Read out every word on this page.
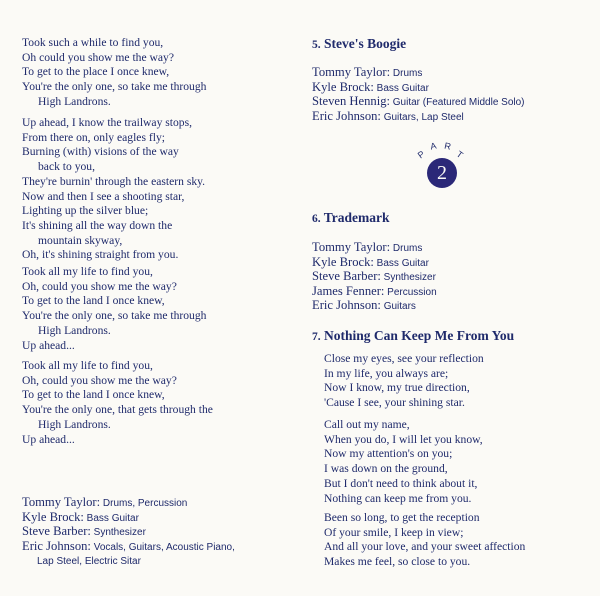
Took such a while to find you,
Oh could you show me the way?
To get to the place I once knew,
You're the only one, so take me through
High Landrons.
Up ahead, I know the trailway stops,
From there on, only eagles fly;
Burning (with) visions of the way
back to you,
They're burnin' through the eastern sky.
Now and then I see a shooting star,
Lighting up the silver blue;
It's shining all the way down the
mountain skyway,
Oh, it's shining straight from you.
Took all my life to find you,
Oh, could you show me the way?
To get to the land I once knew,
You're the only one, so take me through
High Landrons.
Up ahead...
Took all my life to find you,
Oh, could you show me the way?
To get to the land I once knew,
You're the only one, that gets through the
High Landrons.
Up ahead...
Tommy Taylor: Drums, Percussion
Kyle Brock: Bass Guitar
Steve Barber: Synthesizer
Eric Johnson: Vocals, Guitars, Acoustic Piano,
Lap Steel, Electric Sitar
5. Steve's Boogie
Tommy Taylor: Drums
Kyle Brock: Bass Guitar
Steven Hennig: Guitar (Featured Middle Solo)
Eric Johnson: Guitars, Lap Steel
P
A R
T
2
6. Trademark
Tommy Taylor: Drums
Kyle Brock: Bass Guitar
Steve Barber: Synthesizer
James Fenner: Percussion
Eric Johnson: Guitars
7. Nothing Can Keep Me From You
Close my eyes, see your reflection
In my life, you always are;
Now I know, my true direction,
'Cause I see, your shining star.
Call out my name,
When you do, I will let you know,
Now my attention's on you;
I was down on the ground,
But I don't need to think about it,
Nothing can keep me from you.
Been so long, to get the reception
Of your smile, I keep in view;
And all your love, and your sweet affection
Makes me feel, so close to you.
